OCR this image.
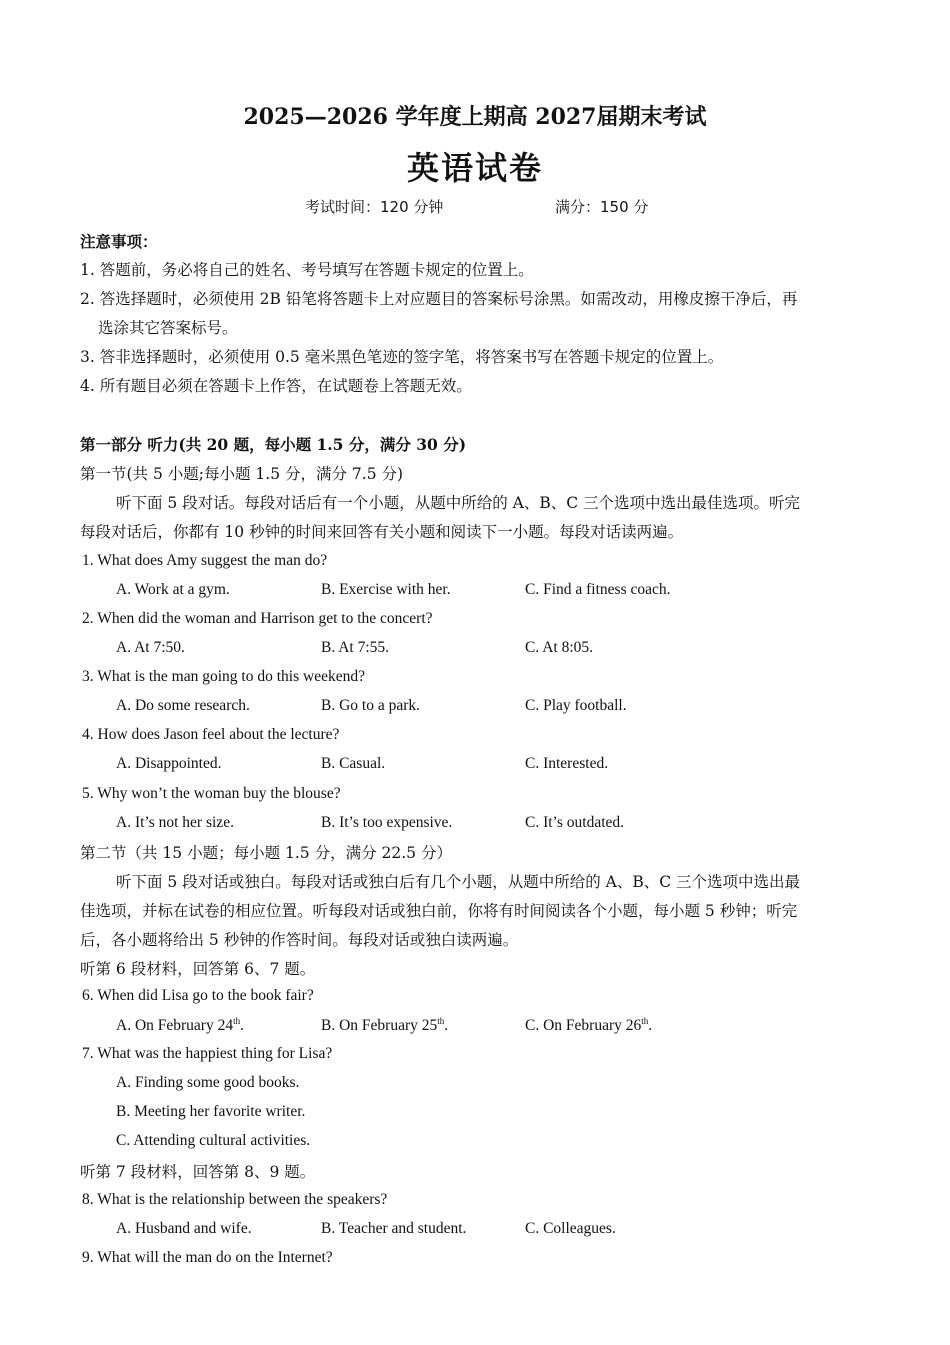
2025—2026 学年度上期高 2027届期末考试
英语试卷
考试时间：120 分钟	满分：150 分
注意事项：
1. 答题前，务必将自己的姓名、考号填写在答题卡规定的位置上。
2. 答选择题时，必须使用 2B 铅笔将答题卡上对应题目的答案标号涂黑。如需改动，用橡皮擦干净后，再
选涂其它答案标号。
3. 答非选择题时，必须使用 0.5 毫米黑色笔迹的签字笔，将答案书写在答题卡规定的位置上。
4. 所有题目必须在答题卡上作答，在试题卷上答题无效。
第一部分 听力(共 20 题，每小题 1.5 分，满分 30 分)
第一节(共 5 小题;每小题 1.5 分，满分 7.5 分)
听下面 5 段对话。每段对话后有一个小题，从题中所给的 A、B、C 三个选项中选出最佳选项。听完
每段对话后，你都有 10 秒钟的时间来回答有关小题和阅读下一小题。每段对话读两遍。
1. What does Amy suggest the man do?
A. Work at a gym.	B. Exercise with her.	C. Find a fitness coach.
2. When did the woman and Harrison get to the concert?
A. At 7:50.	B. At 7:55.	C. At 8:05.
3. What is the man going to do this weekend?
A. Do some research.	B. Go to a park.	C. Play football.
4. How does Jason feel about the lecture?
A. Disappointed.	B. Casual.	C. Interested.
5. Why won’t the woman buy the blouse?
A. It’s not her size.	B. It’s too expensive.	C. It’s outdated.
第二节（共 15 小题；每小题 1.5 分，满分 22.5 分）
听下面 5 段对话或独白。每段对话或独白后有几个小题，从题中所给的 A、B、C 三个选项中选出最
佳选项，并标在试卷的相应位置。听每段对话或独白前，你将有时间阅读各个小题，每小题 5 秒钟；听完
后，各小题将给出 5 秒钟的作答时间。每段对话或独白读两遍。
听第 6 段材料，回答第 6、7 题。
6. When did Lisa go to the book fair?
A. On February 24th.	B. On February 25th.	C. On February 26th.
7. What was the happiest thing for Lisa?
A. Finding some good books.
B. Meeting her favorite writer.
C. Attending cultural activities.
听第 7 段材料，回答第 8、9 题。
8. What is the relationship between the speakers?
A. Husband and wife.	B. Teacher and student.	C. Colleagues.
9. What will the man do on the Internet?
